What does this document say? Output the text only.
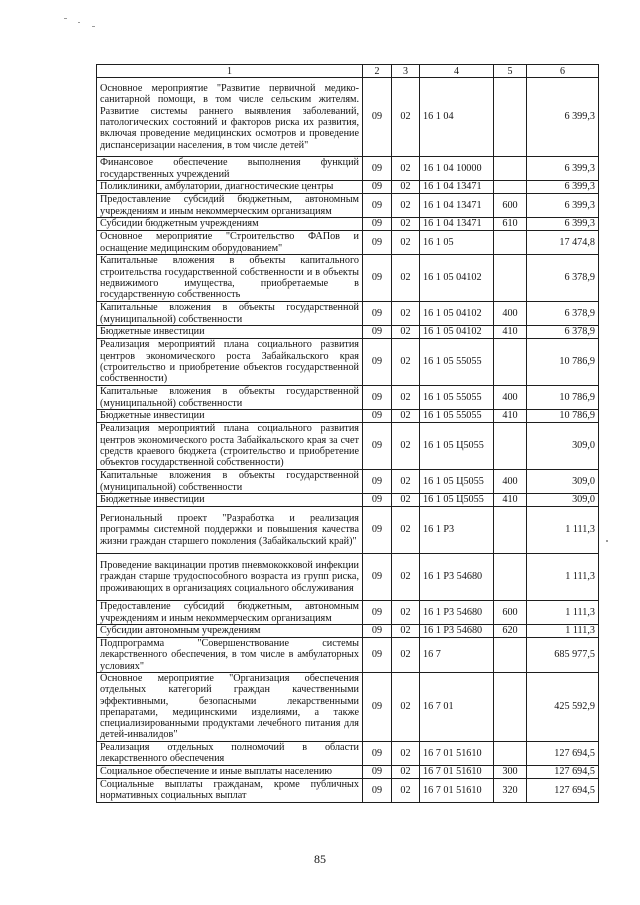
1	2	3	4	5	6
Основное мероприятие "Развитие первичной медико-санитарной помощи, в том числе сельским жителям. Развитие системы раннего выявления заболеваний, патологических состояний и факторов риска их развития, включая проведение медицинских осмотров и проведение диспансеризации населения, в том числе детей"	09	02	16 1 04		6 399,3
Финансовое обеспечение выполнения функций государственных учреждений	09	02	16 1 04 10000		6 399,3
Поликлиники, амбулатории, диагностические центры	09	02	16 1 04 13471		6 399,3
Предоставление субсидий бюджетным, автономным учреждениям и иным некоммерческим организациям	09	02	16 1 04 13471	600	6 399,3
Субсидии бюджетным учреждениям	09	02	16 1 04 13471	610	6 399,3
Основное мероприятие "Строительство ФАПов и оснащение медицинским оборудованием"	09	02	16 1 05		17 474,8
Капитальные вложения в объекты капитального строительства государственной собственности и в объекты недвижимого имущества, приобретаемые в государственную собственность	09	02	16 1 05 04102		6 378,9
Капитальные вложения в объекты государственной (муниципальной) собственности	09	02	16 1 05 04102	400	6 378,9
Бюджетные инвестиции	09	02	16 1 05 04102	410	6 378,9
Реализация мероприятий плана социального развития центров экономического роста Забайкальского края (строительство и приобретение объектов государственной собственности)	09	02	16 1 05 55055		10 786,9
Капитальные вложения в объекты государственной (муниципальной) собственности	09	02	16 1 05 55055	400	10 786,9
Бюджетные инвестиции	09	02	16 1 05 55055	410	10 786,9
Реализация мероприятий плана социального развития центров экономического роста Забайкальского края за счет средств краевого бюджета (строительство и приобретение объектов государственной собственности)	09	02	16 1 05 Ц5055		309,0
Капитальные вложения в объекты государственной (муниципальной) собственности	09	02	16 1 05 Ц5055	400	309,0
Бюджетные инвестиции	09	02	16 1 05 Ц5055	410	309,0
Региональный проект "Разработка и реализация программы системной поддержки и повышения качества жизни граждан старшего поколения (Забайкальский край)"	09	02	16 1 P3		1 111,3
Проведение вакцинации против пневмококковой инфекции граждан старше трудоспособного возраста из групп риска, проживающих в организациях социального обслуживания	09	02	16 1 P3 54680		1 111,3
Предоставление субсидий бюджетным, автономным учреждениям и иным некоммерческим организациям	09	02	16 1 P3 54680	600	1 111,3
Субсидии автономным учреждениям	09	02	16 1 P3 54680	620	1 111,3
Подпрограмма "Совершенствование системы лекарственного обеспечения, в том числе в амбулаторных условиях"	09	02	16 7		685 977,5
Основное мероприятие "Организация обеспечения отдельных категорий граждан качественными эффективными, безопасными лекарственными препаратами, медицинскими изделиями, а также специализированными продуктами лечебного питания для детей-инвалидов"	09	02	16 7 01		425 592,9
Реализация отдельных полномочий в области лекарственного обеспечения	09	02	16 7 01 51610		127 694,5
Социальное обеспечение и иные выплаты населению	09	02	16 7 01 51610	300	127 694,5
Социальные выплаты гражданам, кроме публичных нормативных социальных выплат	09	02	16 7 01 51610	320	127 694,5
85
